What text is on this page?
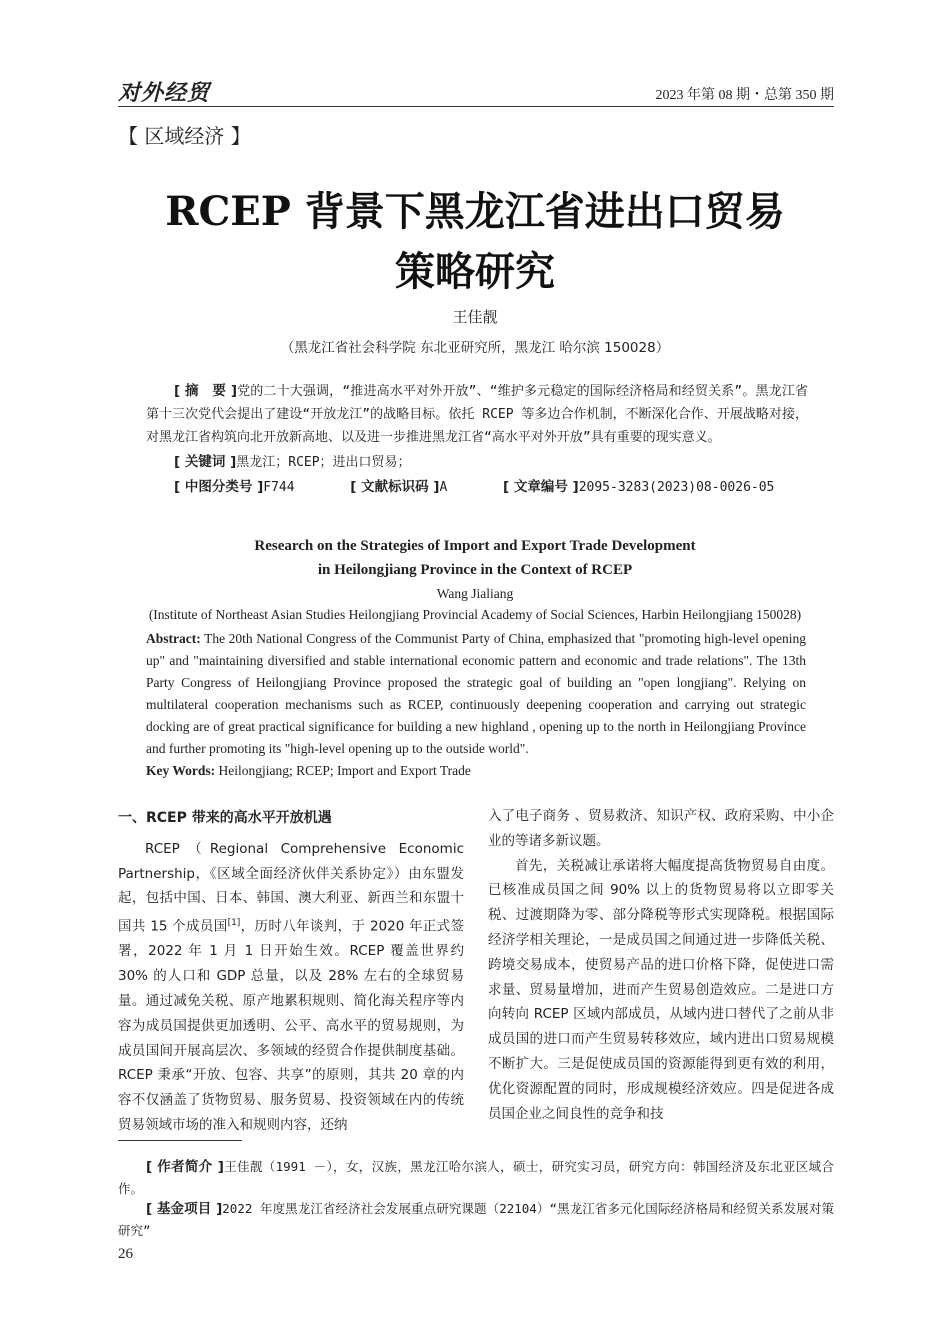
对外经贸	2023 年第 08 期・总第 350 期
【 区域经济 】
RCEP 背景下黑龙江省进出口贸易
策略研究
王佳靓
（黑龙江省社会科学院 东北亚研究所，黑龙江 哈尔滨 150028）
[ 摘　要 ]党的二十大强调，“推进高水平对外开放”、“维护多元稳定的国际经济格局和经贸关系”。黑龙江省第十三次党代会提出了建设“开放龙江”的战略目标。依托 RCEP 等多边合作机制，不断深化合作、开展战略对接，对黑龙江省构筑向北开放新高地、以及进一步推进黑龙江省“高水平对外开放”具有重要的现实意义。
[ 关键词 ]黑龙江；RCEP；进出口贸易；
[ 中图分类号 ]F744	[ 文献标识码 ]A	[ 文章编号 ]2095-3283(2023)08-0026-05
Research on the Strategies of Import and Export Trade Development
in Heilongjiang Province in the Context of RCEP
Wang Jialiang
(Institute of Northeast Asian Studies Heilongjiang Provincial Academy of Social Sciences, Harbin Heilongjiang 150028)
Abstract: The 20th National Congress of the Communist Party of China, emphasized that "promoting high-level opening up" and "maintaining diversified and stable international economic pattern and economic and trade relations". The 13th Party Congress of Heilongjiang Province proposed the strategic goal of building an "open longjiang". Relying on multilateral cooperation mechanisms such as RCEP, continuously deepening cooperation and carrying out strategic docking are of great practical significance for building a new highland , opening up to the north in Heilongjiang Province and further promoting its "high-level opening up to the outside world".
Key Words: Heilongjiang; RCEP; Import and Export Trade
一、RCEP 带来的高水平开放机遇

RCEP（Regional Comprehensive Economic Partnership，《区域全面经济伙伴关系协定》）由东盟发起，包括中国、日本、韩国、澳大利亚、新西兰和东盟十国共 15 个成员国[1]，历时八年谈判，于 2020 年正式签署，2022 年 1 月 1 日开始生效。RCEP 覆盖世界约 30% 的人口和 GDP 总量，以及 28% 左右的全球贸易量。通过减免关税、原产地累积规则、简化海关程序等内容为成员国提供更加透明、公平、高水平的贸易规则，为成员国间开展高层次、多领域的经贸合作提供制度基础。RCEP 秉承“开放、包容、共享”的原则，其共 20 章的内容不仅涵盖了货物贸易、服务贸易、投资领域在内的传统贸易领域市场的准入和规则内容，还纳

入了电子商务 、贸易救济、知识产权、政府采购、中小企业的等诸多新议题。

首先，关税减让承诺将大幅度提高货物贸易自由度。已核准成员国之间 90% 以上的货物贸易将以立即零关税、过渡期降为零、部分降税等形式实现降税。根据国际经济学相关理论，一是成员国之间通过进一步降低关税、跨境交易成本，使贸易产品的进口价格下降，促使进口需求量、贸易量增加，进而产生贸易创造效应。二是进口方向转向 RCEP 区域内部成员，从域内进口替代了之前从非成员国的进口而产生贸易转移效应，域内进出口贸易规模不断扩大。三是促使成员国的资源能得到更有效的利用，优化资源配置的同时，形成规模经济效应。四是促进各成员国企业之间良性的竞争和技

[ 作者简介 ]王佳靓（1991 －），女，汉族，黑龙江哈尔滨人，硕士，研究实习员，研究方向：韩国经济及东北亚区域合作。
[ 基金项目 ]2022 年度黑龙江省经济社会发展重点研究课题（22104）“黑龙江省多元化国际经济格局和经贸关系发展对策研究”
26
